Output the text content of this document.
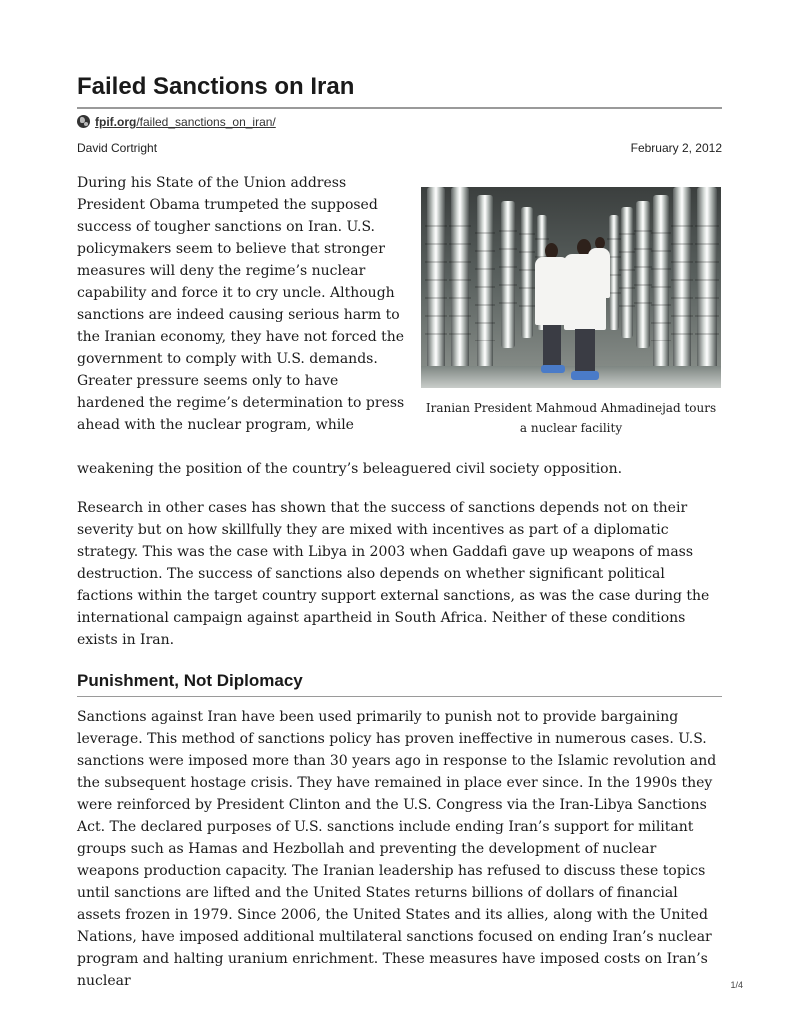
Failed Sanctions on Iran
fpif.org/failed_sanctions_on_iran/
David Cortright	February 2, 2012

During his State of the Union address President Obama trumpeted the supposed success of tougher sanctions on Iran. U.S. policymakers seem to believe that stronger measures will deny the regime’s nuclear capability and force it to cry uncle. Although sanctions are indeed causing serious harm to the Iranian economy, they have not forced the government to comply with U.S. demands.

Greater pressure seems only to have hardened the regime’s determination to press ahead with the nuclear program, while

weakening the position of the country’s beleaguered civil society opposition.

Iranian President Mahmoud Ahmadinejad tours a nuclear facility

Research in other cases has shown that the success of sanctions depends not on their severity but on how skillfully they are mixed with incentives as part of a diplomatic strategy. This was the case with Libya in 2003 when Gaddafi gave up weapons of mass destruction. The success of sanctions also depends on whether significant political factions within the target country support external sanctions, as was the case during the international campaign against apartheid in South Africa. Neither of these conditions exists in Iran.

Punishment, Not Diplomacy

Sanctions against Iran have been used primarily to punish not to provide bargaining leverage. This method of sanctions policy has proven ineffective in numerous cases. U.S. sanctions were imposed more than 30 years ago in response to the Islamic revolution and the subsequent hostage crisis. They have remained in place ever since. In the 1990s they were reinforced by President Clinton and the U.S. Congress via the Iran-Libya Sanctions Act. The declared purposes of U.S. sanctions include ending Iran’s support for militant groups such as Hamas and Hezbollah and preventing the development of nuclear weapons production capacity. The Iranian leadership has refused to discuss these topics until sanctions are lifted and the United States returns billions of dollars of financial assets frozen in 1979. Since 2006, the United States and its allies, along with the United Nations, have imposed additional multilateral sanctions focused on ending Iran’s nuclear program and halting uranium enrichment. These measures have imposed costs on Iran’s nuclear	1/4
